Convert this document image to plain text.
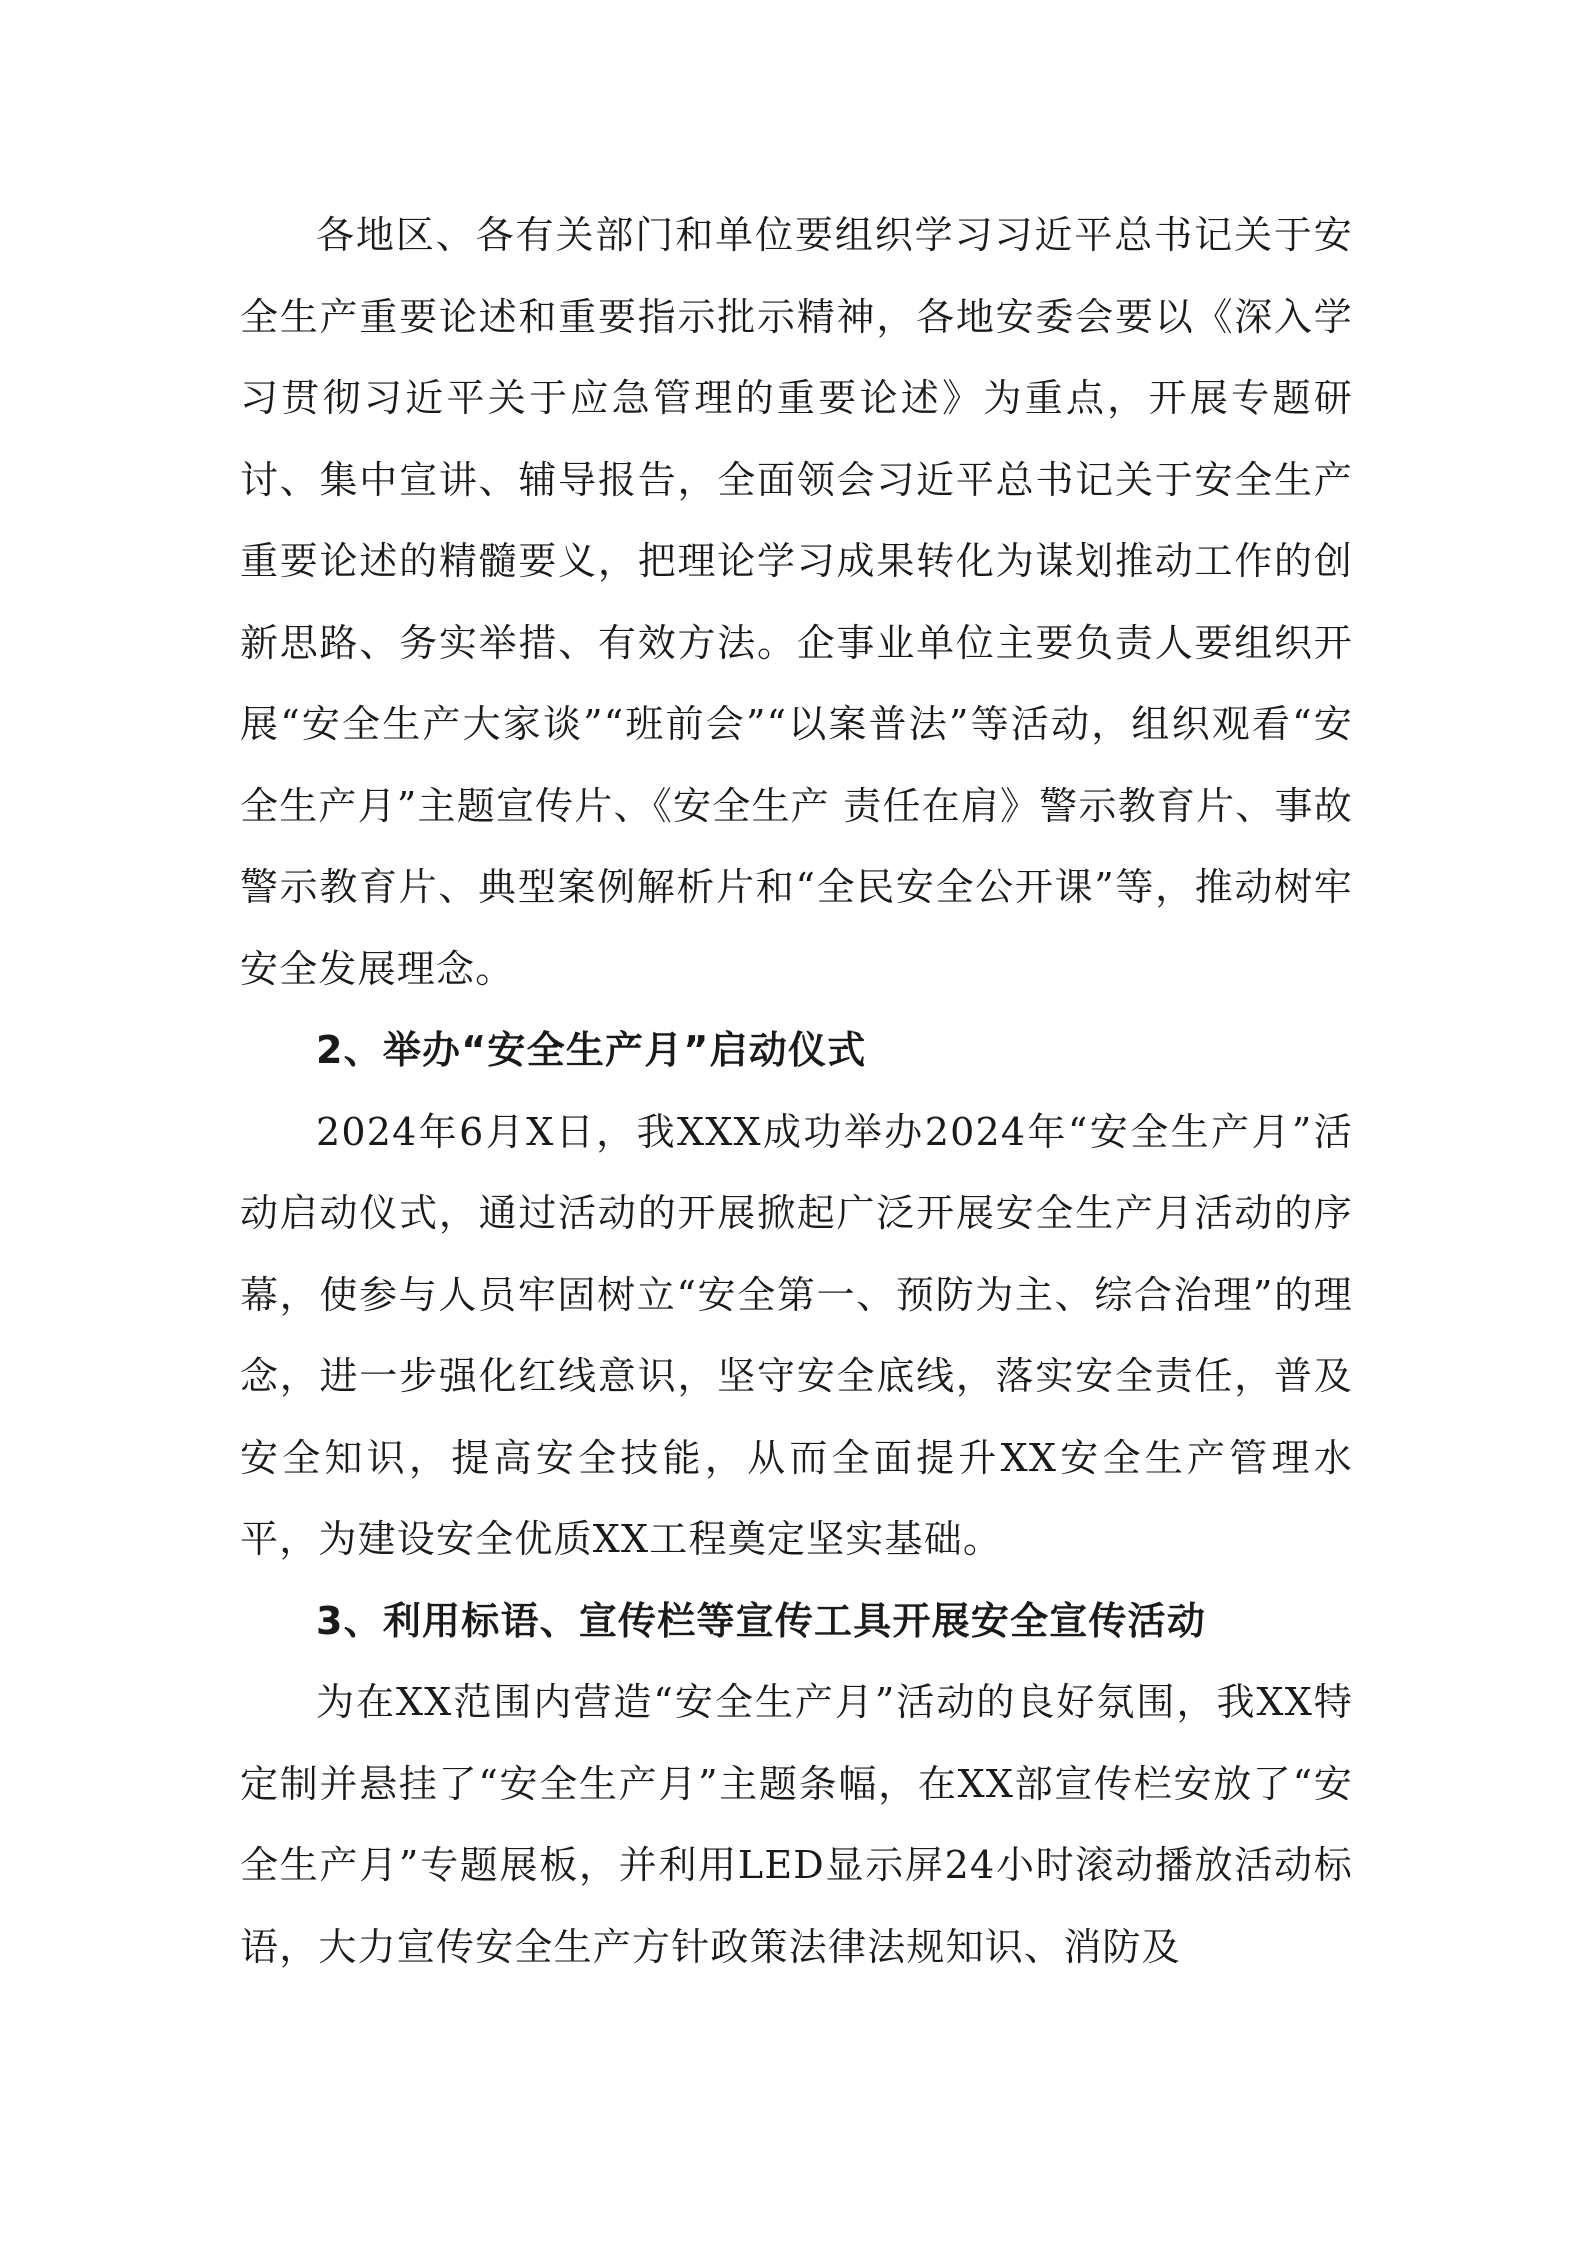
各地区、各有关部门和单位要组织学习习近平总书记关于安全生产重要论述和重要指示批示精神，各地安委会要以《深入学习贯彻习近平关于应急管理的重要论述》为重点，开展专题研讨、集中宣讲、辅导报告，全面领会习近平总书记关于安全生产重要论述的精髓要义，把理论学习成果转化为谋划推动工作的创新思路、务实举措、有效方法。企事业单位主要负责人要组织开展“安全生产大家谈”“班前会”“以案普法”等活动，组织观看“安全生产月”主题宣传片、《安全生产 责任在肩》警示教育片、事故警示教育片、典型案例解析片和“全民安全公开课”等，推动树牢安全发展理念。

2、举办“安全生产月”启动仪式

2024年6月X日，我XXX成功举办2024年“安全生产月”活动启动仪式，通过活动的开展掀起广泛开展安全生产月活动的序幕，使参与人员牢固树立“安全第一、预防为主、综合治理”的理念，进一步强化红线意识，坚守安全底线，落实安全责任，普及安全知识，提高安全技能，从而全面提升XX安全生产管理水平，为建设安全优质XX工程奠定坚实基础。

3、利用标语、宣传栏等宣传工具开展安全宣传活动

为在XX范围内营造“安全生产月”活动的良好氛围，我XX特定制并悬挂了“安全生产月”主题条幅，在XX部宣传栏安放了“安全生产月”专题展板，并利用LED显示屏24小时滚动播放活动标语，大力宣传安全生产方针政策法律法规知识、消防及
